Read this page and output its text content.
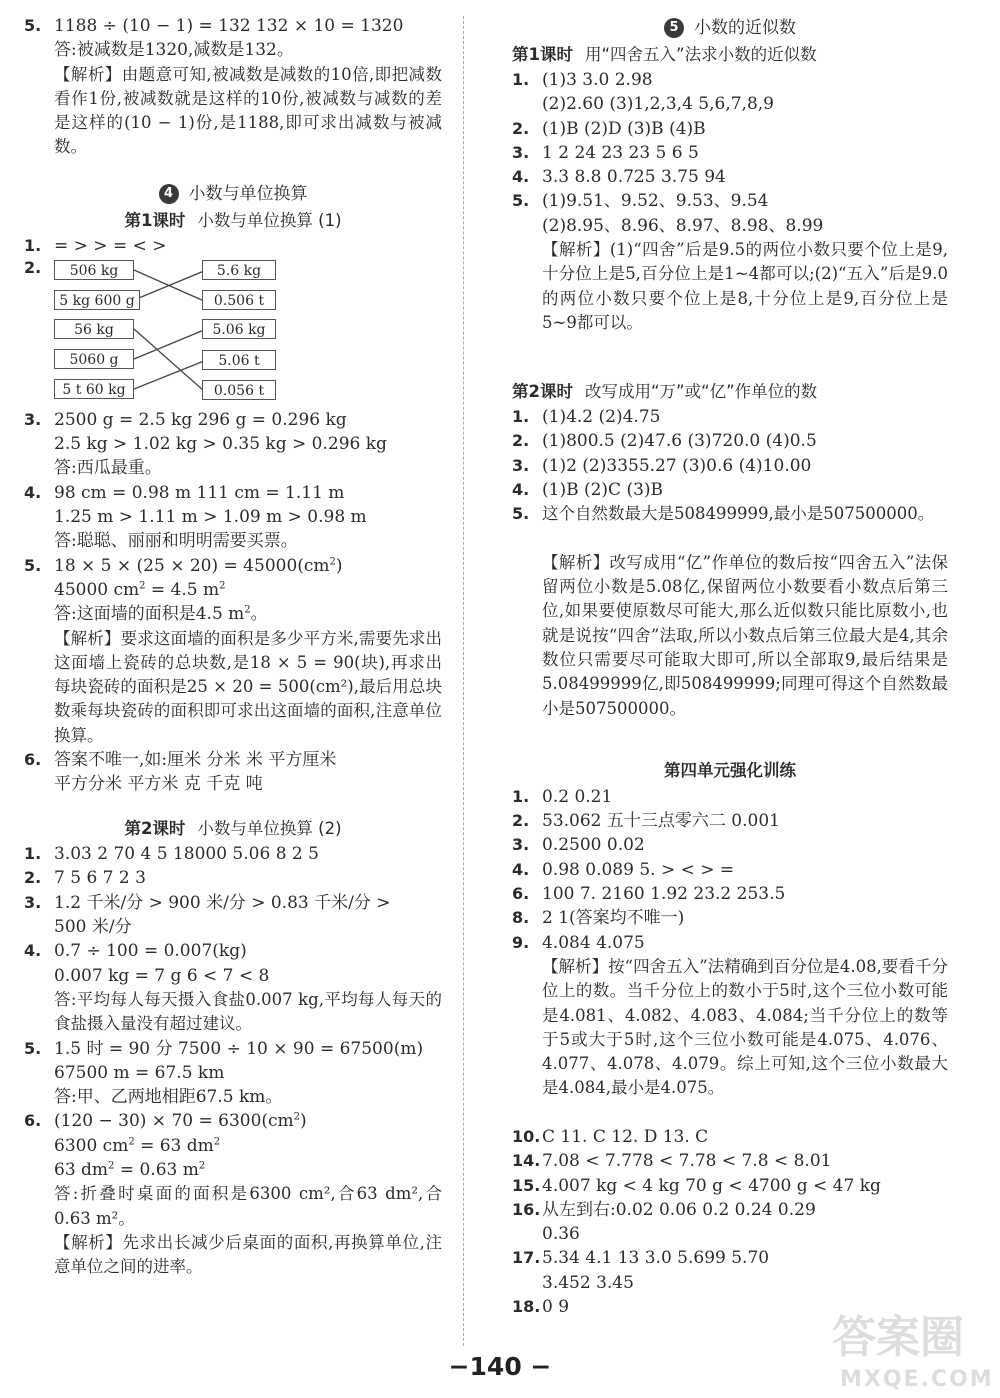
5. 1188 ÷ (10 − 1) = 132 132 × 10 = 1320
答:被减数是1320,减数是132。
【解析】由题意可知,被减数是减数的10倍,即把减数看作1份,被减数就是这样的10份,被减数与减数的差是这样的(10 − 1)份,是1188,即可求出减数与被减数。
4 小数与单位换算
第1课时 小数与单位换算 (1)
1. = > > = < >
2.	506 kg
5 kg 600 g
56 kg
5060 g
5 t 60 kg
5.6 kg
0.506 t
5.06 kg
5.06 t
0.056 t
3. 2500 g = 2.5 kg 296 g = 0.296 kg
2.5 kg > 1.02 kg > 0.35 kg > 0.296 kg
答:西瓜最重。
4. 98 cm = 0.98 m 111 cm = 1.11 m
1.25 m > 1.11 m > 1.09 m > 0.98 m
答:聪聪、丽丽和明明需要买票。
5. $18 \times 5 \times (25 \times 20) = 45000(cm^2)$
45000 $cm^2 = 4.5$ $m^2$
答:这面墙的面积是4.5 $m^2$。
【解析】要求这面墙的面积是多少平方米,需要先求出这面墙上瓷砖的总块数,是18 × 5 = 90(块),再求出每块瓷砖的面积是25 × 20 = 500(cm²),最后用总块数乘每块瓷砖的面积即可求出这面墙的面积,注意单位换算。
6. 答案不唯一,如:厘米 分米 米 平方厘米
平方分米 平方米 克 千克 吨
第2课时 小数与单位换算 (2)
1. 3.03 2 70 4 5 18000 5.06 8 2 5
2. 7 5 6 7 2 3
3. 1.2 千米/分 > 900 米/分 > 0.83 千米/分 >
500 米/分
4. 0.7 ÷ 100 = 0.007(kg)
0.007 kg = 7 g 6 < 7 < 8
答:平均每人每天摄入食盐0.007 kg,平均每人每天的食盐摄入量没有超过建议。
5. 1.5 时 = 90 分 7500 ÷ 10 × 90 = 67500(m)
67500 m = 67.5 km
答:甲、乙两地相距67.5 km。
6. $(120 - 30) \times 70 = 6300(cm^2)$
6300 $cm^2 = 63$ $dm^2$
63 $dm^2 = 0.63$ $m^2$
答:折叠时桌面的面积是6300 cm²,合63 dm²,合0.63 m²。
【解析】先求出长减少后桌面的面积,再换算单位,注意单位之间的进率。
5 小数的近似数
第1课时 用“四舍五入”法求小数的近似数
1. (1)3 3.0 2.98
(2)2.60 (3)1,2,3,4 5,6,7,8,9
2. (1)B (2)D (3)B (4)B
3. 1 2 24 23 23 5 6 5
4. 3.3 8.8 0.725 3.75 94
5. (1)9.51、9.52、9.53、9.54
(2)8.95、8.96、8.97、8.98、8.99
【解析】(1)“四舍”后是9.5的两位小数只要个位上是9,十分位上是5,百分位上是1~4都可以;(2)“五入”后是9.0的两位小数只要个位上是8,十分位上是9,百分位上是5~9都可以。
第2课时 改写成用“万”或“亿”作单位的数
1. (1)4.2 (2)4.75
2. (1)800.5 (2)47.6 (3)720.0 (4)0.5
3. (1)2 (2)3355.27 (3)0.6 (4)10.00
4. (1)B (2)C (3)B
5. 这个自然数最大是508499999,最小是507500000。
【解析】改写成用“亿”作单位的数后按“四舍五入”法保留两位小数是5.08亿,保留两位小数要看小数点后第三位,如果要使原数尽可能大,那么近似数只能比原数小,也就是说按“四舍”法取,所以小数点后第三位最大是4,其余数位只需要尽可能取大即可,所以全部取9,最后结果是5.08499999亿,即508499999;同理可得这个自然数最小是507500000。
第四单元强化训练
1. 0.2 0.21
2. 53.062 五十三点零六二 0.001
3. 0.2500 0.02
4. 0.98 0.089 5. > < > =
6. 100 7. 2160 1.92 23.2 253.5
8. 2 1(答案均不唯一)
9. 4.084 4.075
【解析】按“四舍五入”法精确到百分位是4.08,要看千分位上的数。当千分位上的数小于5时,这个三位小数可能是4.081、4.082、4.083、4.084;当千分位上的数等于5或大于5时,这个三位小数可能是4.075、4.076、4.077、4.078、4.079。综上可知,这个三位小数最大是4.084,最小是4.075。
10. C 11. C 12. D 13. C
14. 7.08 < 7.778 < 7.78 < 7.8 < 8.01
15. 4.007 kg < 4 kg 70 g < 4700 g < 47 kg
16. 从左到右:0.02 0.06 0.2 0.24 0.29
0.36
17. 5.34 4.1 13 3.0 5.699 5.70
3.452 3.45
18. 0 9
−140 −
答案圈
MXQE.COM
